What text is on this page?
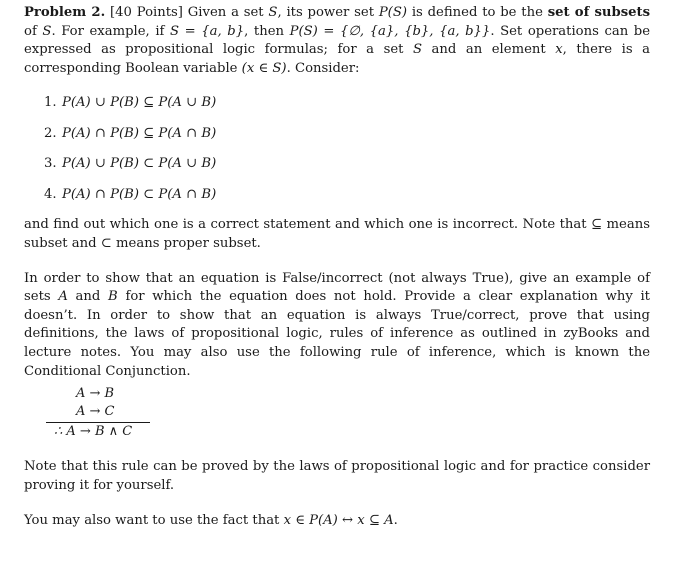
Problem 2. [40 Points] Given a set S, its power set P(S) is defined to be the set of subsets of S. For example, if S = {a, b}, then P(S) = {∅, {a}, {b}, {a, b}}. Set operations can be expressed as propositional logic formulas; for a set S and an element x, there is a corresponding Boolean variable (x ∈ S). Consider:

1. P(A) ∪ P(B) ⊆ P(A ∪ B)
2. P(A) ∩ P(B) ⊆ P(A ∩ B)
3. P(A) ∪ P(B) ⊂ P(A ∪ B)
4. P(A) ∩ P(B) ⊂ P(A ∩ B)

and find out which one is a correct statement and which one is incorrect. Note that ⊆ means subset and ⊂ means proper subset.

In order to show that an equation is False/incorrect (not always True), give an example of sets A and B for which the equation does not hold. Provide a clear explanation why it doesn’t. In order to show that an equation is always True/correct, prove that using definitions, the laws of propositional logic, rules of inference as outlined in zyBooks and lecture notes. You may also use the following rule of inference, which is known the Conditional Conjunction.

A → B
A → C
∴ A → B ∧ C

Note that this rule can be proved by the laws of propositional logic and for practice consider proving it for yourself.

You may also want to use the fact that x ∈ P(A) ↔ x ⊆ A.
